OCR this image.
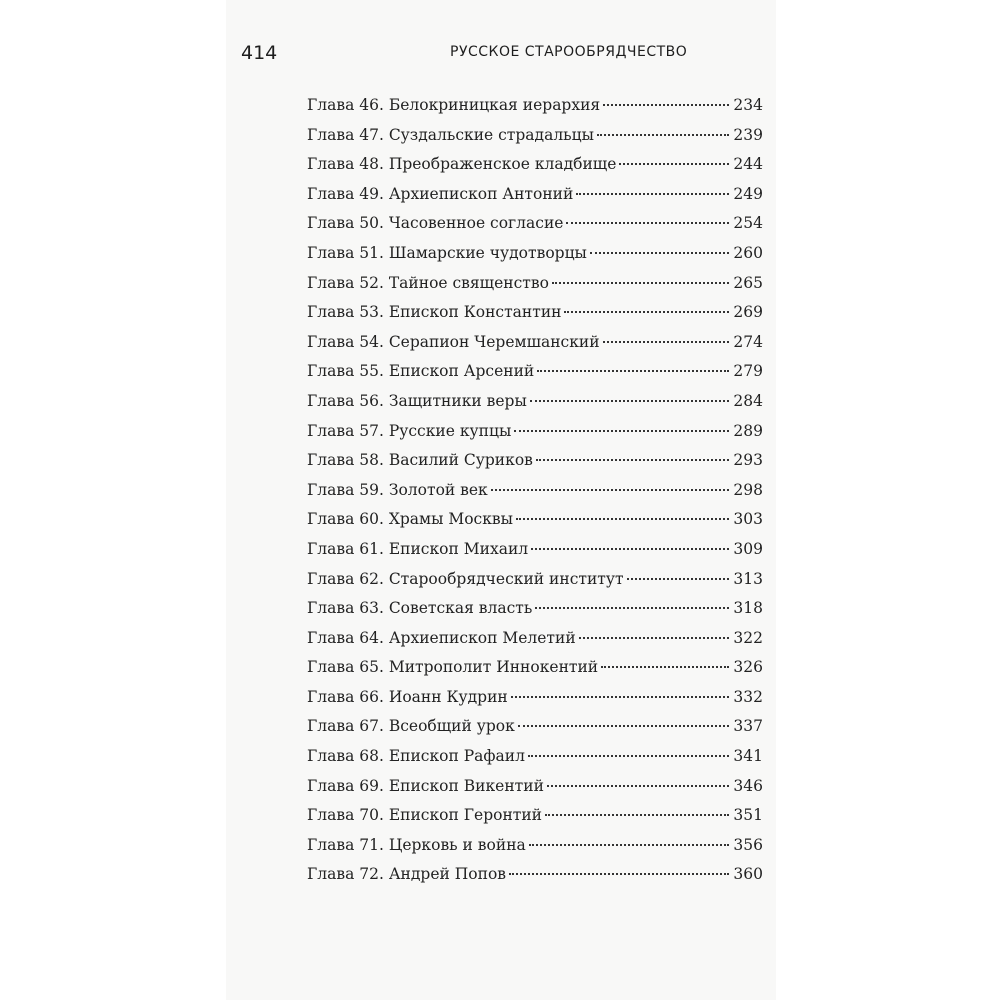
414	РУССКОЕ СТАРООБРЯДЧЕСТВО
Глава 46. Белокриницкая иерархия	234
Глава 47. Суздальские страдальцы	239
Глава 48. Преображенское кладбище	244
Глава 49. Архиепископ Антоний	249
Глава 50. Часовенное согласие	254
Глава 51. Шамарские чудотворцы	260
Глава 52. Тайное священство	265
Глава 53. Епископ Константин	269
Глава 54. Серапион Черемшанский	274
Глава 55. Епископ Арсений	279
Глава 56. Защитники веры	284
Глава 57. Русские купцы	289
Глава 58. Василий Суриков	293
Глава 59. Золотой век	298
Глава 60. Храмы Москвы	303
Глава 61. Епископ Михаил	309
Глава 62. Старообрядческий институт	313
Глава 63. Советская власть	318
Глава 64. Архиепископ Мелетий	322
Глава 65. Митрополит Иннокентий	326
Глава 66. Иоанн Кудрин	332
Глава 67. Всеобщий урок	337
Глава 68. Епископ Рафаил	341
Глава 69. Епископ Викентий	346
Глава 70. Епископ Геронтий	351
Глава 71. Церковь и война	356
Глава 72. Андрей Попов	360
